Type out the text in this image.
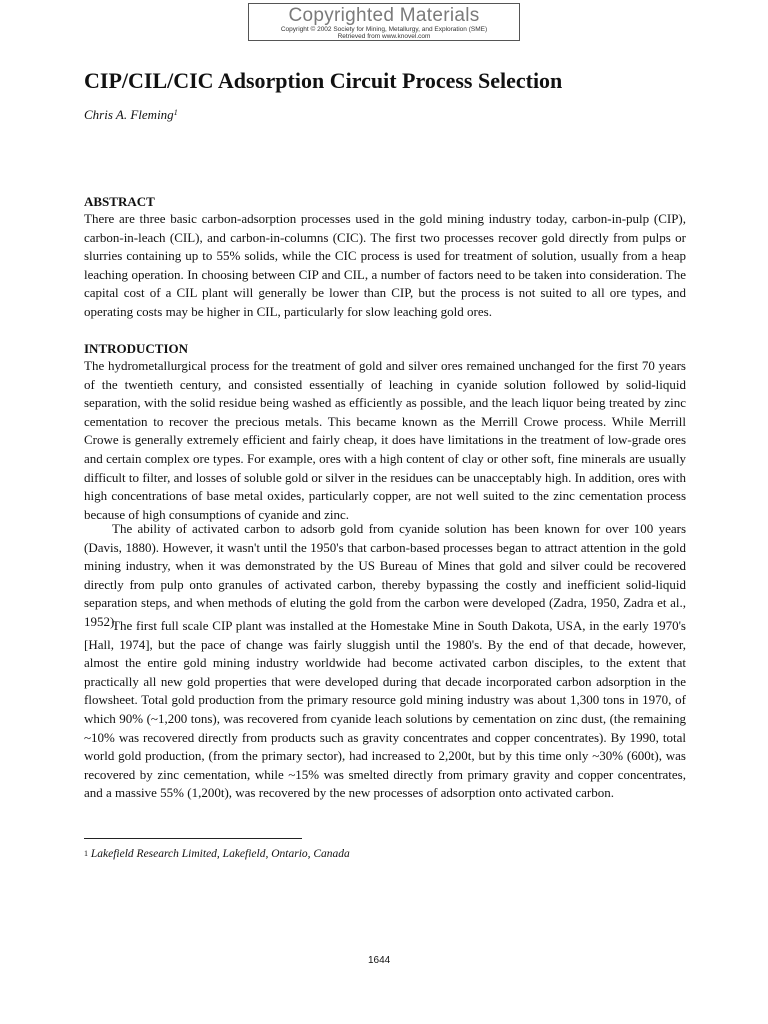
Copyrighted Materials
Copyright © 2002 Society for Mining, Metallurgy, and Exploration (SME)
Retrieved from www.knovel.com
CIP/CIL/CIC Adsorption Circuit Process Selection
Chris A. Fleming$^1$
ABSTRACT

There are three basic carbon-adsorption processes used in the gold mining industry today, carbon-in-pulp (CIP), carbon-in-leach (CIL), and carbon-in-columns (CIC). The first two processes recover gold directly from pulps or slurries containing up to 55% solids, while the CIC process is used for treatment of solution, usually from a heap leaching operation. In choosing between CIP and CIL, a number of factors need to be taken into consideration. The capital cost of a CIL plant will generally be lower than CIP, but the process is not suited to all ore types, and operating costs may be higher in CIL, particularly for slow leaching gold ores.

INTRODUCTION

The hydrometallurgical process for the treatment of gold and silver ores remained unchanged for the first 70 years of the twentieth century, and consisted essentially of leaching in cyanide solution followed by solid-liquid separation, with the solid residue being washed as efficiently as possible, and the leach liquor being treated by zinc cementation to recover the precious metals. This became known as the Merrill Crowe process. While Merrill Crowe is generally extremely efficient and fairly cheap, it does have limitations in the treatment of low-grade ores and certain complex ore types. For example, ores with a high content of clay or other soft, fine minerals are usually difficult to filter, and losses of soluble gold or silver in the residues can be unacceptably high. In addition, ores with high concentrations of base metal oxides, particularly copper, are not well suited to the zinc cementation process because of high consumptions of cyanide and zinc.

The ability of activated carbon to adsorb gold from cyanide solution has been known for over 100 years (Davis, 1880). However, it wasn't until the 1950's that carbon-based processes began to attract attention in the gold mining industry, when it was demonstrated by the US Bureau of Mines that gold and silver could be recovered directly from pulp onto granules of activated carbon, thereby bypassing the costly and inefficient solid-liquid separation steps, and when methods of eluting the gold from the carbon were developed (Zadra, 1950, Zadra et al., 1952).

The first full scale CIP plant was installed at the Homestake Mine in South Dakota, USA, in the early 1970's [Hall, 1974], but the pace of change was fairly sluggish until the 1980's. By the end of that decade, however, almost the entire gold mining industry worldwide had become activated carbon disciples, to the extent that practically all new gold properties that were developed during that decade incorporated carbon adsorption in the flowsheet. Total gold production from the primary resource gold mining industry was about 1,300 tons in 1970, of which 90% (~1,200 tons), was recovered from cyanide leach solutions by cementation on zinc dust, (the remaining ~10% was recovered directly from products such as gravity concentrates and copper concentrates). By 1990, total world gold production, (from the primary sector), had increased to 2,200t, but by this time only ~30% (600t), was recovered by zinc cementation, while ~15% was smelted directly from primary gravity and copper concentrates, and a massive 55% (1,200t), was recovered by the new processes of adsorption onto activated carbon.

$^1$ Lakefield Research Limited, Lakefield, Ontario, Canada
1644
